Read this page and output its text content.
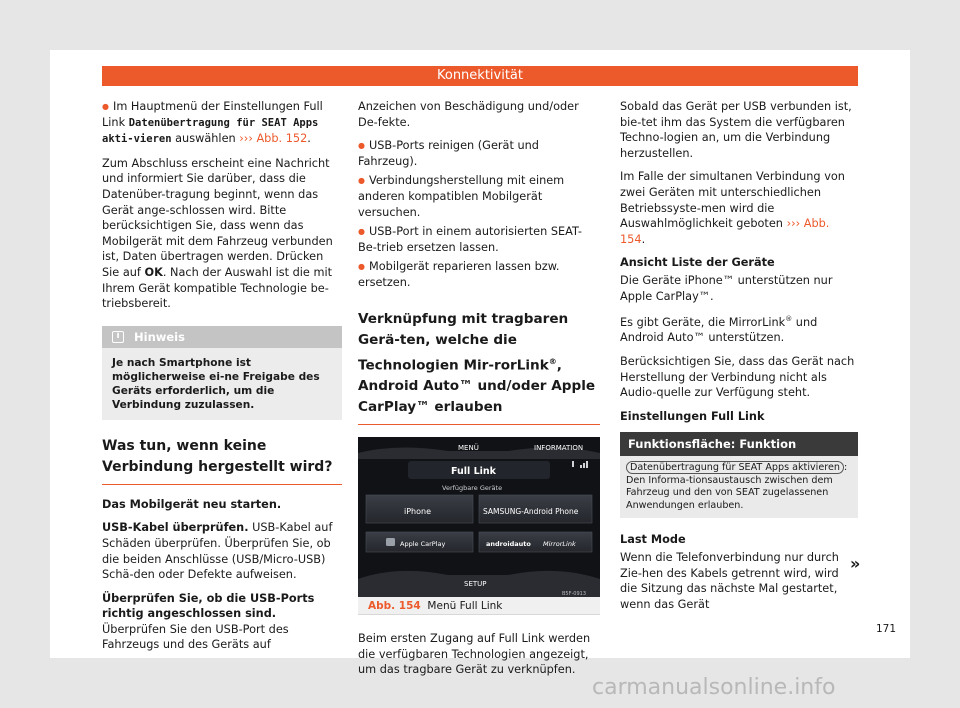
Konnektivität

● Im Hauptmenü der Einstellungen Full Link Datenübertragung für SEAT Apps akti-vieren auswählen ››› Abb. 152.

Zum Abschluss erscheint eine Nachricht und informiert Sie darüber, dass die Datenüber-tragung beginnt, wenn das Gerät ange-schlossen wird. Bitte berücksichtigen Sie, dass wenn das Mobilgerät mit dem Fahrzeug verbunden ist, Daten übertragen werden. Drücken Sie auf OK. Nach der Auswahl ist die mit Ihrem Gerät kompatible Technologie be-triebsbereit.

i	Hinweis
Je nach Smartphone ist möglicherweise ei-ne Freigabe des Geräts erforderlich, um die Verbindung zuzulassen.
Was tun, wenn keine Verbindung hergestellt wird?

Das Mobilgerät neu starten.

USB-Kabel überprüfen. USB-Kabel auf Schäden überprüfen. Überprüfen Sie, ob die beiden Anschlüsse (USB/Micro-USB) Schä-den oder Defekte aufweisen.

Überprüfen Sie, ob die USB-Ports richtig angeschlossen sind. Überprüfen Sie den USB-Port des Fahrzeugs und des Geräts auf

Anzeichen von Beschädigung und/oder De-fekte.

● USB-Ports reinigen (Gerät und Fahrzeug).

● Verbindungsherstellung mit einem anderen kompatiblen Mobilgerät versuchen.

● USB-Port in einem autorisierten SEAT-Be-trieb ersetzen lassen.

● Mobilgerät reparieren lassen bzw. ersetzen.

Verknüpfung mit tragbaren Gerä-ten, welche die Technologien Mir-rorLink®, Android Auto™ und/oder Apple CarPlay™ erlauben
MENÜ	INFORMATION
Full Link
Verfügbare Geräte
iPhone	SAMSUNG-Android Phone
Apple CarPlay	androidauto MirrorLink
SETUP
B5F-0913
Abb. 154 Menü Full Link

Beim ersten Zugang auf Full Link werden die verfügbaren Technologien angezeigt, um das tragbare Gerät zu verknüpfen.

Sobald das Gerät per USB verbunden ist, bie-tet ihm das System die verfügbaren Techno-logien an, um die Verbindung herzustellen.

Im Falle der simultanen Verbindung von zwei Geräten mit unterschiedlichen Betriebssyste-men wird die Auswahlmöglichkeit geboten ››› Abb. 154.

Ansicht Liste der Geräte

Die Geräte iPhone™ unterstützen nur Apple CarPlay™.

Es gibt Geräte, die MirrorLink® und Android Auto™ unterstützen.

Berücksichtigen Sie, dass das Gerät nach Herstellung der Verbindung nicht als Audio-quelle zur Verfügung steht.

Einstellungen Full Link

Funktionsfläche: Funktion
Datenübertragung für SEAT Apps aktivieren : Den Informa-tionsaustausch zwischen dem Fahrzeug und den von SEAT zugelassenen Anwendungen erlauben.

Last Mode

Wenn die Telefonverbindung nur durch Zie-hen des Kabels getrennt wird, wird die Sitzung das nächste Mal gestartet, wenn das Gerät

»
171
carmanualsonline.info
